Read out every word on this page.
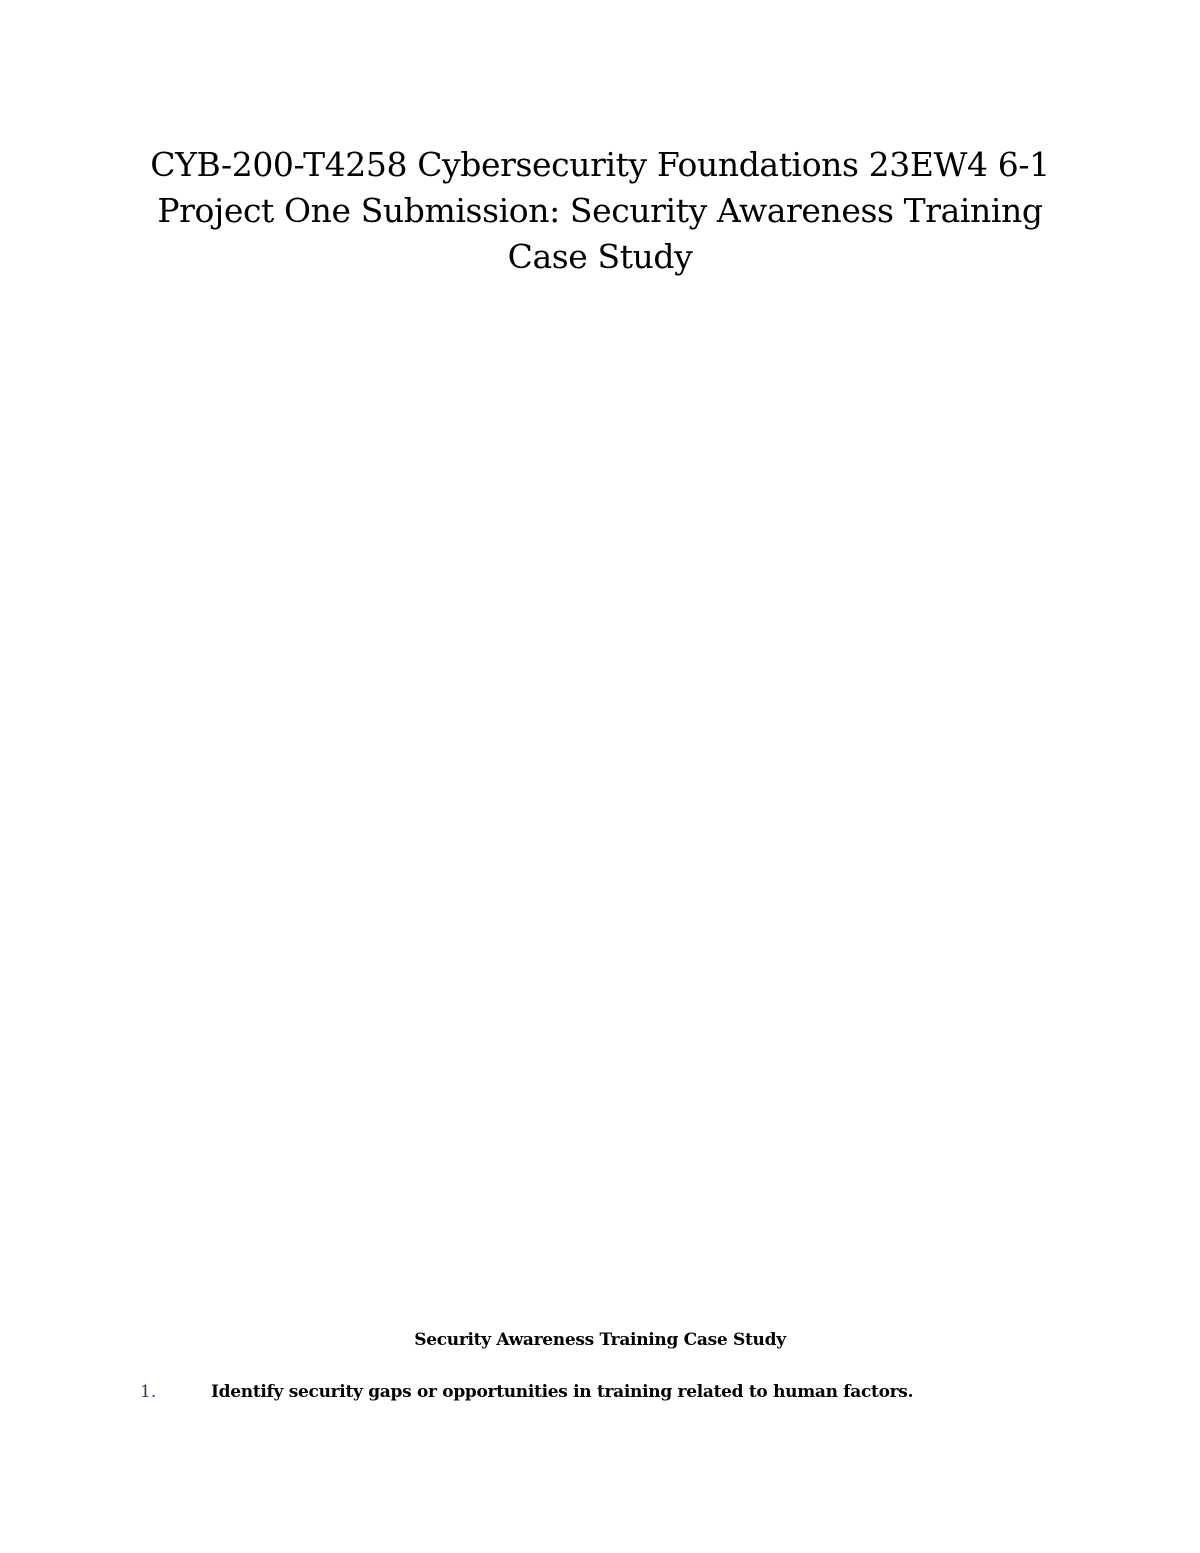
CYB-200-T4258 Cybersecurity Foundations 23EW4 6-1
Project One Submission: Security Awareness Training
Case Study
Security Awareness Training Case Study
1.	Identify security gaps or opportunities in training related to human factors.
